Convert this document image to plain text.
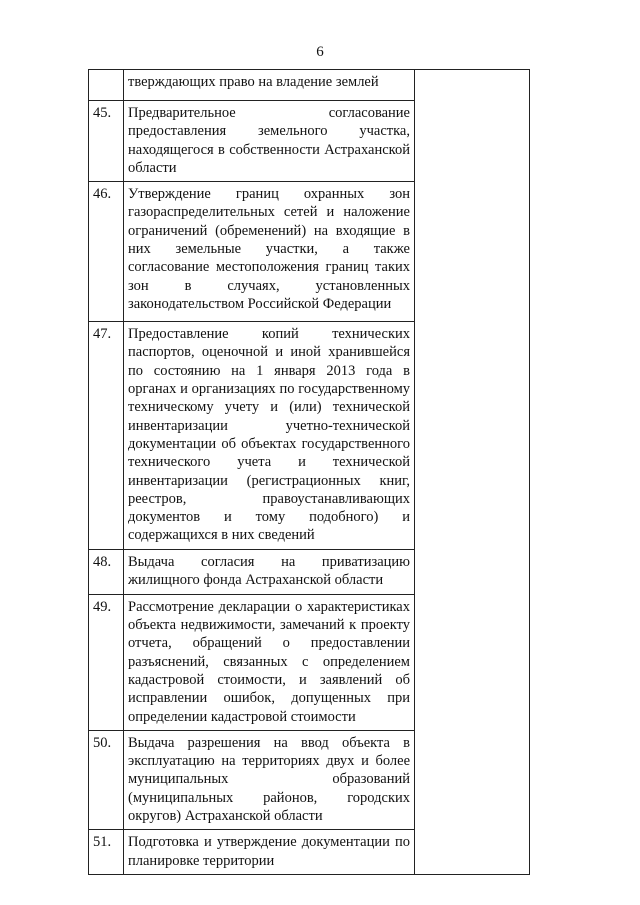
6
	тверждающих право на владение землей	
45.	Предварительное согласование предоставления земельного участка, находящегося в собственности Астраханской области	
46.	Утверждение границ охранных зон газораспределительных сетей и наложение ограничений (обременений) на входящие в них земельные участки, а также согласование местоположения границ таких зон в случаях, установленных законодательством Российской Федерации	
47.	Предоставление копий технических паспортов, оценочной и иной хранившейся по состоянию на 1 января 2013 года в органах и организациях по государственному техническому учету и (или) технической инвентаризации учетно-технической документации об объектах государственного технического учета и технической инвентаризации (регистрационных книг, реестров, правоустанавливающих документов и тому подобного) и содержащихся в них сведений	
48.	Выдача согласия на приватизацию жилищного фонда Астраханской области	
49.	Рассмотрение декларации о характеристиках объекта недвижимости, замечаний к проекту отчета, обращений о предоставлении разъяснений, связанных с определением кадастровой стоимости, и заявлений об исправлении ошибок, допущенных при определении кадастровой стоимости	
50.	Выдача разрешения на ввод объекта в эксплуатацию на территориях двух и более муниципальных образований (муниципальных районов, городских округов) Астраханской области	
51.	Подготовка и утверждение документации по планировке территории	
